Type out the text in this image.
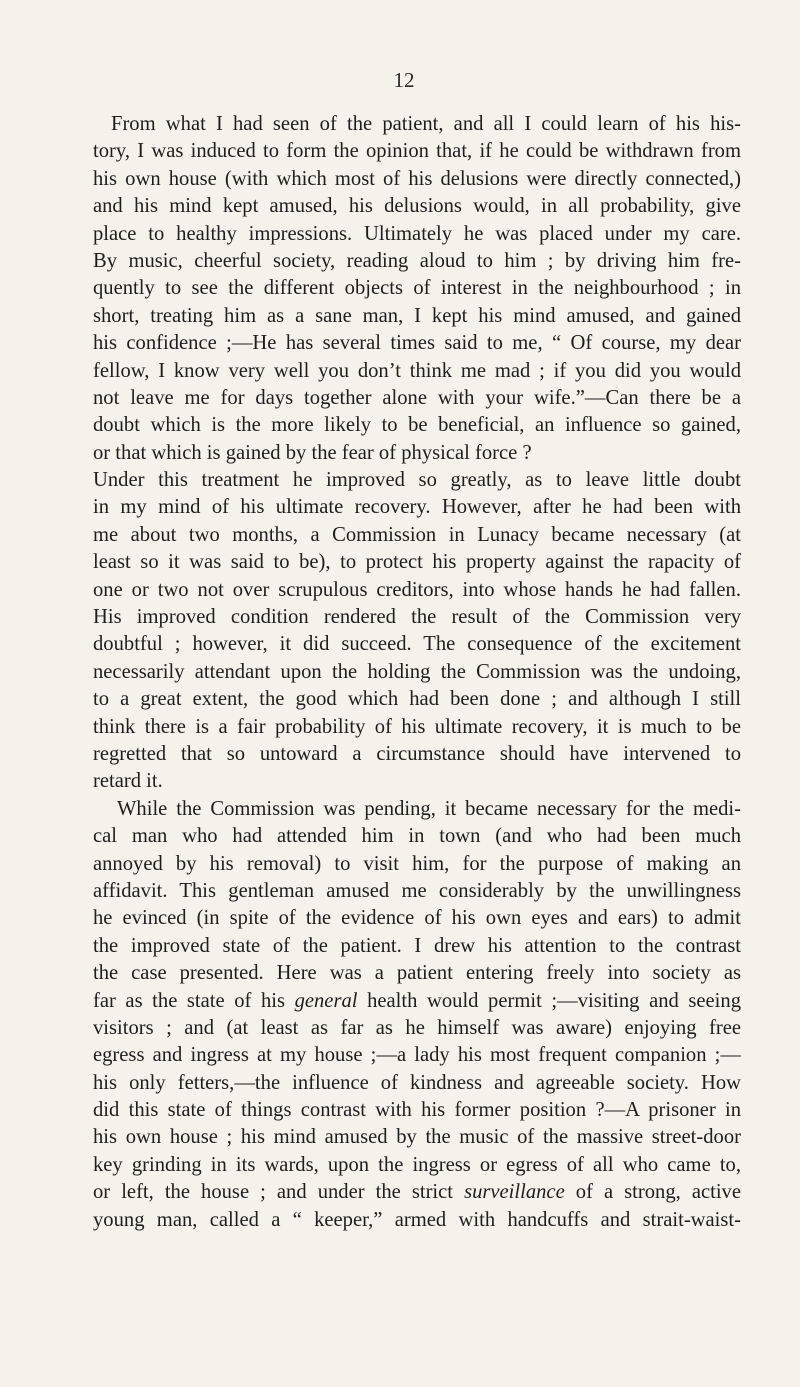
12
From what I had seen of the patient, and all I could learn of his his-
tory, I was induced to form the opinion that, if he could be withdrawn from
his own house (with which most of his delusions were directly connected,)
and his mind kept amused, his delusions would, in all probability, give
place to healthy impressions. Ultimately he was placed under my care.
By music, cheerful society, reading aloud to him ; by driving him fre-
quently to see the different objects of interest in the neighbourhood ; in
short, treating him as a sane man, I kept his mind amused, and gained
his confidence ;—He has several times said to me, “ Of course, my dear
fellow, I know very well you don’t think me mad ; if you did you would
not leave me for days together alone with your wife.”—Can there be a
doubt which is the more likely to be beneficial, an influence so gained,
or that which is gained by the fear of physical force ?
Under this treatment he improved so greatly, as to leave little doubt
in my mind of his ultimate recovery. However, after he had been with
me about two months, a Commission in Lunacy became necessary (at
least so it was said to be), to protect his property against the rapacity of
one or two not over scrupulous creditors, into whose hands he had fallen.
His improved condition rendered the result of the Commission very
doubtful ; however, it did succeed. The consequence of the excitement
necessarily attendant upon the holding the Commission was the undoing,
to a great extent, the good which had been done ; and although I still
think there is a fair probability of his ultimate recovery, it is much to be
regretted that so untoward a circumstance should have intervened to
retard it.
While the Commission was pending, it became necessary for the medi-
cal man who had attended him in town (and who had been much
annoyed by his removal) to visit him, for the purpose of making an
affidavit. This gentleman amused me considerably by the unwillingness
he evinced (in spite of the evidence of his own eyes and ears) to admit
the improved state of the patient. I drew his attention to the contrast
the case presented. Here was a patient entering freely into society as
far as the state of his general health would permit ;—visiting and seeing
visitors ; and (at least as far as he himself was aware) enjoying free
egress and ingress at my house ;—a lady his most frequent companion ;—
his only fetters,—the influence of kindness and agreeable society. How
did this state of things contrast with his former position ?—A prisoner in
his own house ; his mind amused by the music of the massive street-door
key grinding in its wards, upon the ingress or egress of all who came to,
or left, the house ; and under the strict surveillance of a strong, active
young man, called a “ keeper,” armed with handcuffs and strait-waist-
